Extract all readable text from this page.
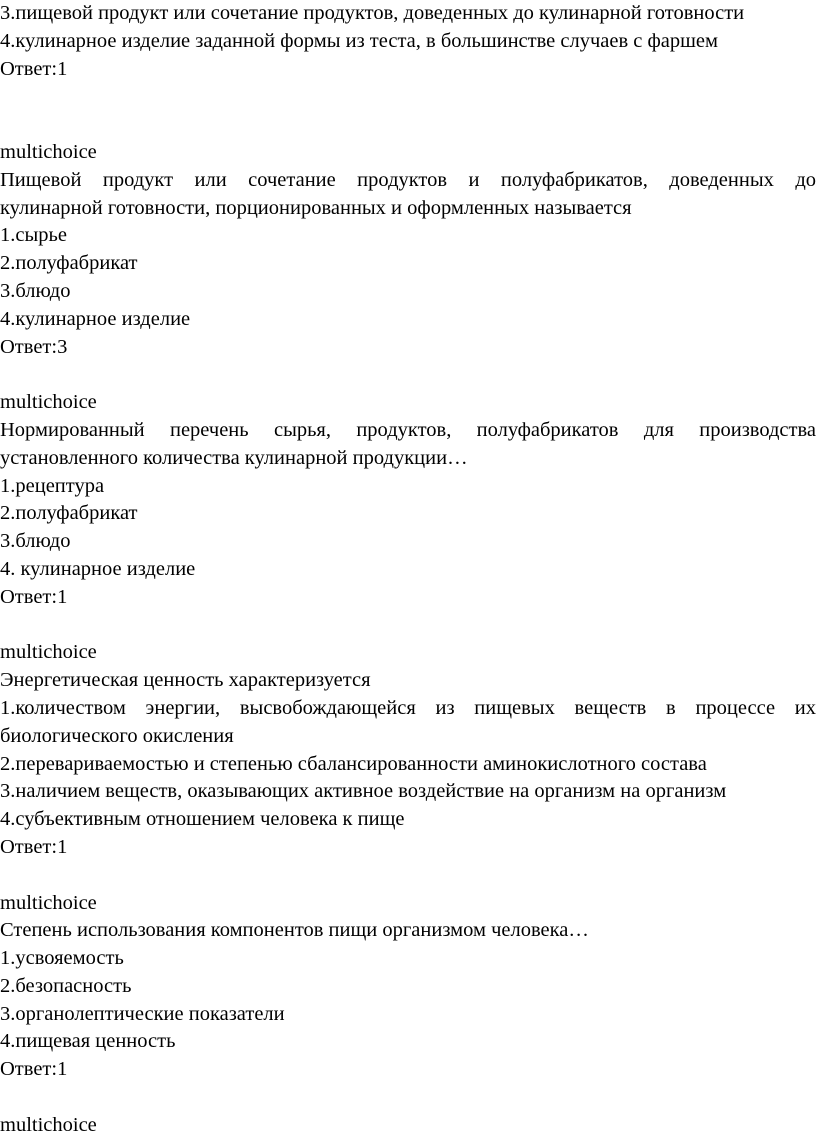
3.пищевой продукт или сочетание продуктов, доведенных до кулинарной готовности
4.кулинарное изделие заданной формы из теста, в большинстве случаев с фаршем
Ответ:1
multichoice
Пищевой продукт или сочетание продуктов и полуфабрикатов, доведенных до
кулинарной готовности, порционированных и оформленных называется
1.сырье
2.полуфабрикат
3.блюдо
4.кулинарное изделие
Ответ:3
multichoice
Нормированный перечень сырья, продуктов, полуфабрикатов для производства
установленного количества кулинарной продукции…
1.рецептура
2.полуфабрикат
3.блюдо
4. кулинарное изделие
Ответ:1
multichoice
Энергетическая ценность характеризуется
1.количеством энергии, высвобождающейся из пищевых веществ в процессе их
биологического окисления
2.перевариваемостью и степенью сбалансированности аминокислотного состава
3.наличием веществ, оказывающих активное воздействие на организм на организм
4.субъективным отношением человека к пище
Ответ:1
multichoice
Степень использования компонентов пищи организмом человека…
1.усвояемость
2.безопасность
3.органолептические показатели
4.пищевая ценность
Ответ:1
multichoice
